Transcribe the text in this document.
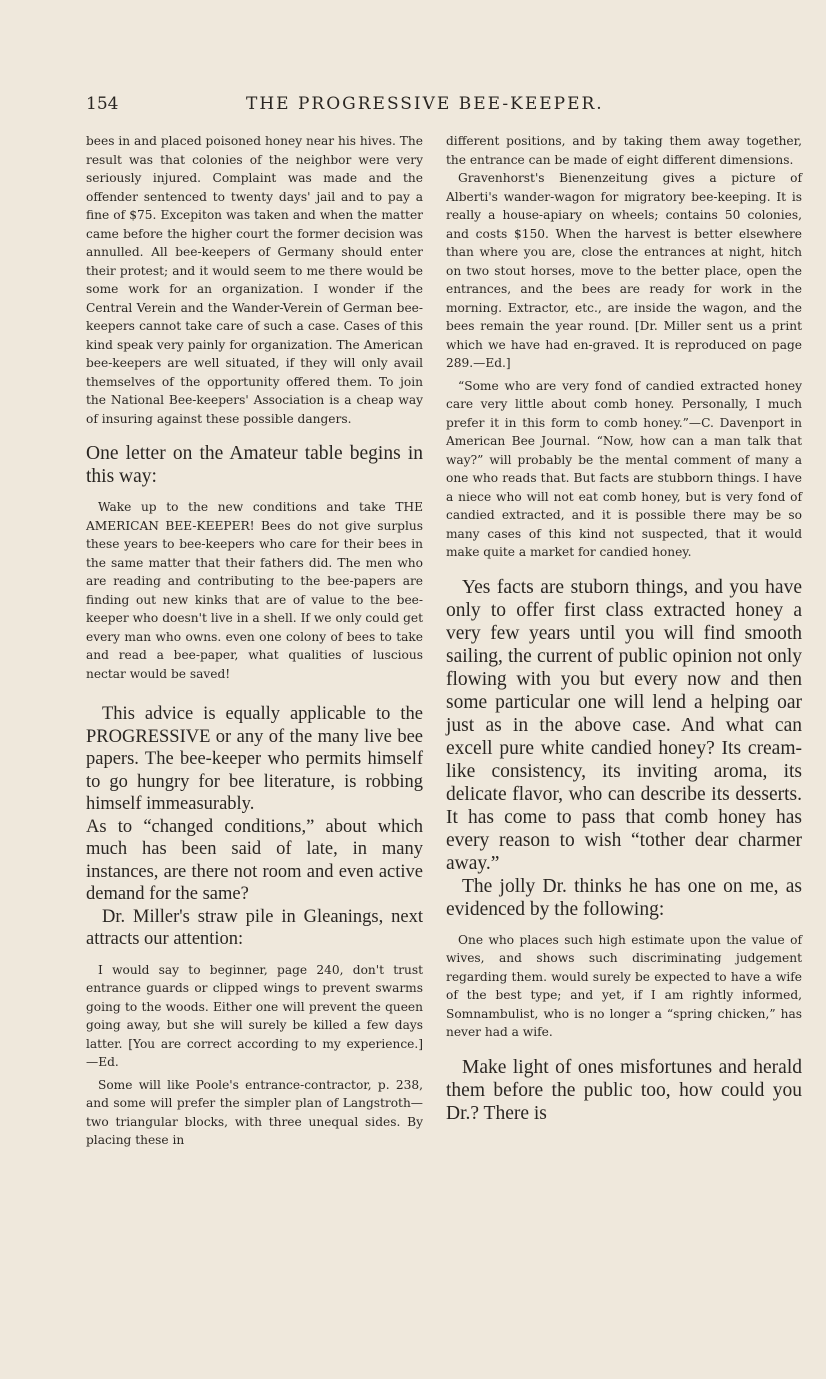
154	THE PROGRESSIVE BEE-KEEPER.

bees in and placed poisoned honey near his hives. The result was that colonies of the neighbor were very seriously injured. Complaint was made and the offender sentenced to twenty days' jail and to pay a fine of $75. Excepiton was taken and when the matter came before the higher court the former decision was annulled. All bee-keepers of Germany should enter their protest; and it would seem to me there would be some work for an organization. I wonder if the Central Verein and the Wander-Verein of German bee-keepers cannot take care of such a case. Cases of this kind speak very painly for organization. The American bee-keepers are well situated, if they will only avail themselves of the opportunity offered them. To join the National Bee-keepers' Association is a cheap way of insuring against these possible dangers.

One letter on the Amateur table begins in this way:

Wake up to the new conditions and take THE AMERICAN BEE-KEEPER! Bees do not give surplus these years to bee-keepers who care for their bees in the same matter that their fathers did. The men who are reading and contributing to the bee-papers are finding out new kinks that are of value to the bee-keeper who doesn't live in a shell. If we only could get every man who owns. even one colony of bees to take and read a bee-paper, what qualities of luscious nectar would be saved!

This advice is equally applicable to the PROGRESSIVE or any of the many live bee papers. The bee-keeper who permits himself to go hungry for bee literature, is robbing himself immeasurably.

As to “changed conditions,” about which much has been said of late, in many instances, are there not room and even active demand for the same?

Dr. Miller's straw pile in Gleanings, next attracts our attention:

I would say to beginner, page 240, don't trust entrance guards or clipped wings to prevent swarms going to the woods. Either one will prevent the queen going away, but she will surely be killed a few days latter. [You are correct according to my experience.] —Ed.

Some will like Poole's entrance-contractor, p. 238, and some will prefer the simpler plan of Langstroth—two triangular blocks, with three unequal sides. By placing these in

different positions, and by taking them away together, the entrance can be made of eight different dimensions.

Gravenhorst's Bienenzeitung gives a picture of Alberti's wander-wagon for migratory bee-keeping. It is really a house-apiary on wheels; contains 50 colonies, and costs $150. When the harvest is better elsewhere than where you are, close the entrances at night, hitch on two stout horses, move to the better place, open the entrances, and the bees are ready for work in the morning. Extractor, etc., are inside the wagon, and the bees remain the year round. [Dr. Miller sent us a print which we have had en-graved. It is reproduced on page 289.—Ed.]

“Some who are very fond of candied extracted honey care very little about comb honey. Personally, I much prefer it in this form to comb honey.”—C. Davenport in American Bee Journal. “Now, how can a man talk that way?” will probably be the mental comment of many a one who reads that. But facts are stubborn things. I have a niece who will not eat comb honey, but is very fond of candied extracted, and it is possible there may be so many cases of this kind not suspected, that it would make quite a market for candied honey.

Yes facts are stuborn things, and you have only to offer first class extracted honey a very few years until you will find smooth sailing, the current of public opinion not only flowing with you but every now and then some particular one will lend a helping oar just as in the above case. And what can excell pure white candied honey? Its cream-like consistency, its inviting aroma, its delicate flavor, who can describe its desserts. It has come to pass that comb honey has every reason to wish “tother dear charmer away.”

The jolly Dr. thinks he has one on me, as evidenced by the following:

One who places such high estimate upon the value of wives, and shows such discriminating judgement regarding them. would surely be expected to have a wife of the best type; and yet, if I am rightly informed, Somnambulist, who is no longer a “spring chicken,” has never had a wife.

Make light of ones misfortunes and herald them before the public too, how could you Dr.? There is
